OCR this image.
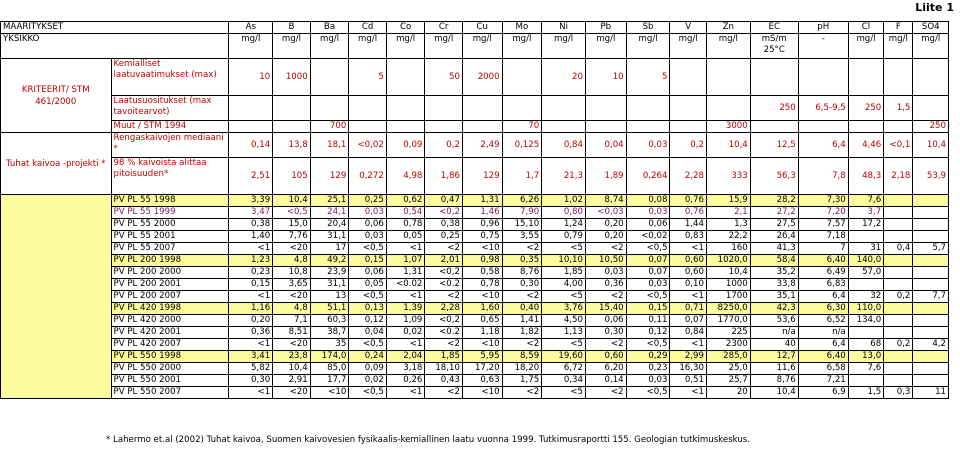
Liite 1
MÄÄRITYKSET		As	B	Ba	Cd	Co	Cr	Cu	Mo	Ni	Pb	Sb	V	Zn	EC	pH	Cl	F	SO4
YKSIKKÖ		mg/l	mg/l	mg/l	mg/l	mg/l	mg/l	mg/l	mg/l	mg/l	mg/l	mg/l	mg/l	mg/l	mS/m 25°C	-	mg/l	mg/l	mg/l
KRITEERIT/ STM 461/2000	Kemialliset laatuvaatimukset (max)	10	1000		5		50	2000		20	10	5							
	Laatusuositukset (max tavoitearvot)														250	6,5-9,5	250	1,5	
	Muut / STM 1994			700					70					3000					250
Tuhat kaivoa -projekti *	Rengaskaivojen mediaani *	0,14	13,8	18,1	<0,02	0,09	0,2	2,49	0,125	0,84	0,04	0,03	0,2	10,4	12,5	6,4	4,46	<0,1	10,4
	98 % kaivoista alittaa pitoisuuden*	2,51	105	129	0,272	4,98	1,86	129	1,7	21,3	1,89	0,264	2,28	333	56,3	7,8	48,3	2,18	53,9
	PV PL 55 1998	3,39	10,4	25,1	0,25	0,62	0,47	1,31	6,26	1,02	8,74	0,08	0,76	15,9	28,2	7,30	7,6		
	PV PL 55 1999	3,47	<0,5	24,1	0,03	0,54	<0,2	1,46	7,90	0,80	<0,03	0,03	0,76	2,1	27,2	7,20	3,7		
	PV PL 55 2000	0,38	15,0	20,4	0,06	0,78	0,38	0,96	15,10	1,24	0,20	0,06	1,44	1,3	27,5	7,57	17,2		
	PV PL 55 2001	1,40	7,76	31,1	0,03	0,05	0,25	0,75	3,55	0,79	0,20	<0,02	0,83	22,2	26,4	7,18			
	PV PL 55 2007	<1	<20	17	<0,5	<1	<2	<10	<2	<5	<2	<0,5	<1	160	41,3	7	31	0,4	5,7
	PV PL 200 1998	1,23	4,8	49,2	0,15	1,07	2,01	0,98	0,35	10,10	10,50	0,07	0,60	1020,0	58,4	6,40	140,0		
	PV PL 200 2000	0,23	10,8	23,9	0,06	1,31	<0,2	0,58	8,76	1,85	0,03	0,07	0,60	10,4	35,2	6,49	57,0		
	PV PL 200 2001	0,15	3,65	31,1	0,05	<0.02	<0.2	0,78	0,30	4,00	0,36	0,03	0,10	1000	33,8	6,83			
	PV PL 200 2007	<1	<20	13	<0,5	<1	<2	<10	<2	<5	<2	<0,5	<1	1700	35,1	6,4	32	0,2	7,7
	PV PL 420 1998	1,16	4,8	51,1	0,13	1,39	2,28	1,60	0,40	3,76	15,40	0,15	0,71	8250,0	42,3	6,30	110,0		
	PV PL 420 2000	0,20	7,1	60,3	0,12	1,09	<0,2	0,65	1,41	4,50	0,06	0,11	0,07	1770,0	53,6	6,52	134,0		
	PV PL 420 2001	0,36	8,51	38,7	0,04	0,02	<0.2	1,18	1,82	1,13	0,30	0,12	0,84	225	n/a	n/a			
	PV PL 420 2007	<1	<20	35	<0,5	<1	<2	<10	<2	<5	<2	<0,5	<1	2300	40	6,4	68	0,2	4,2
	PV PL 550 1998	3,41	23,8	174,0	0,24	2,04	1,85	5,95	8,59	19,60	0,60	0,29	2,99	285,0	12,7	6,40	13,0		
	PV PL 550 2000	5,82	10,4	85,0	0,09	3,18	18,10	17,20	18,20	6,72	6,20	0,23	16,30	25,0	11,6	6,58	7,6		
	PV PL 550 2001	0,30	2,91	17,7	0,02	0,26	0,43	0,63	1,75	0,34	0,14	0,03	0,51	25,7	8,76	7,21			
	PV PL 550 2007	<1	<20	<10	<0,5	<1	<2	<10	<2	<5	<2	<0,5	<1	20	10,4	6,9	1,5	0,3	11
* Lahermo et.al (2002) Tuhat kaivoa, Suomen kaivovesien fysikaalis-kemiallinen laatu vuonna 1999. Tutkimusraportti 155. Geologian tutkimuskeskus.
